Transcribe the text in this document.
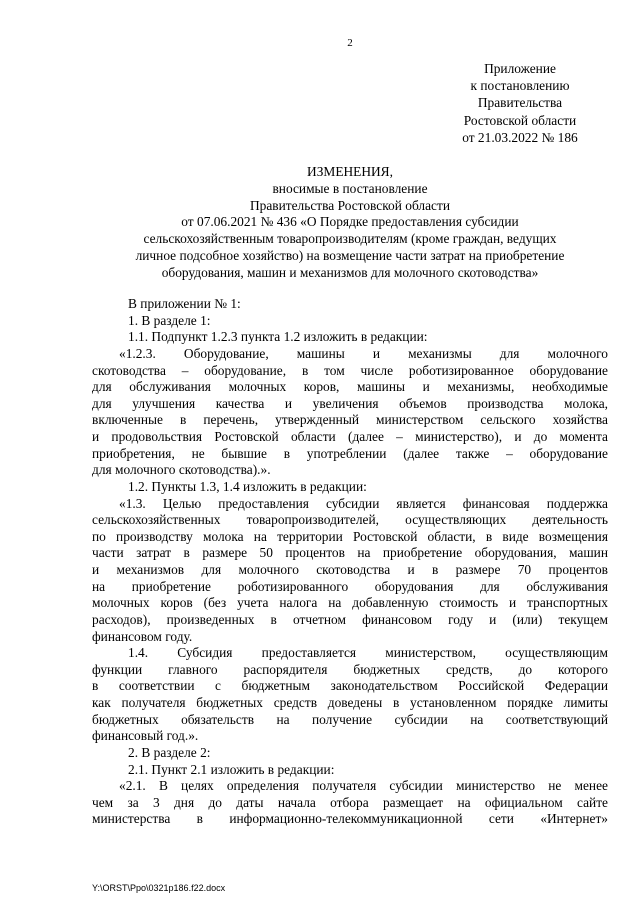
2
Приложение
к постановлению
Правительства
Ростовской области
от 21.03.2022 № 186
ИЗМЕНЕНИЯ,
вносимые в постановление
Правительства Ростовской области
от 07.06.2021 № 436 «О Порядке предоставления субсидии
сельскохозяйственным товаропроизводителям (кроме граждан, ведущих
личное подсобное хозяйство) на возмещение части затрат на приобретение
оборудования, машин и механизмов для молочного скотоводства»
В приложении № 1:
1. В разделе 1:
1.1. Подпункт 1.2.3 пункта 1.2 изложить в редакции:
«1.2.3. Оборудование, машины и механизмы для молочного
скотоводства – оборудование, в том числе роботизированное оборудование
для обслуживания молочных коров, машины и механизмы, необходимые
для улучшения качества и увеличения объемов производства молока,
включенные в перечень, утвержденный министерством сельского хозяйства
и продовольствия Ростовской области (далее – министерство), и до момента
приобретения, не бывшие в употреблении (далее также – оборудование
для молочного скотоводства).».
1.2. Пункты 1.3, 1.4 изложить в редакции:
«1.3. Целью предоставления субсидии является финансовая поддержка
сельскохозяйственных товаропроизводителей, осуществляющих деятельность
по производству молока на территории Ростовской области, в виде возмещения
части затрат в размере 50 процентов на приобретение оборудования, машин
и механизмов для молочного скотоводства и в размере 70 процентов
на приобретение роботизированного оборудования для обслуживания
молочных коров (без учета налога на добавленную стоимость и транспортных
расходов), произведенных в отчетном финансовом году и (или) текущем
финансовом году.
1.4. Субсидия предоставляется министерством, осуществляющим
функции главного распорядителя бюджетных средств, до которого
в соответствии с бюджетным законодательством Российской Федерации
как получателя бюджетных средств доведены в установленном порядке лимиты
бюджетных обязательств на получение субсидии на соответствующий
финансовый год.».
2. В разделе 2:
2.1. Пункт 2.1 изложить в редакции:
«2.1. В целях определения получателя субсидии министерство не менее
чем за 3 дня до даты начала отбора размещает на официальном сайте
министерства в информационно-телекоммуникационной сети «Интернет»
Y:\ORST\Ppo\0321p186.f22.docx
